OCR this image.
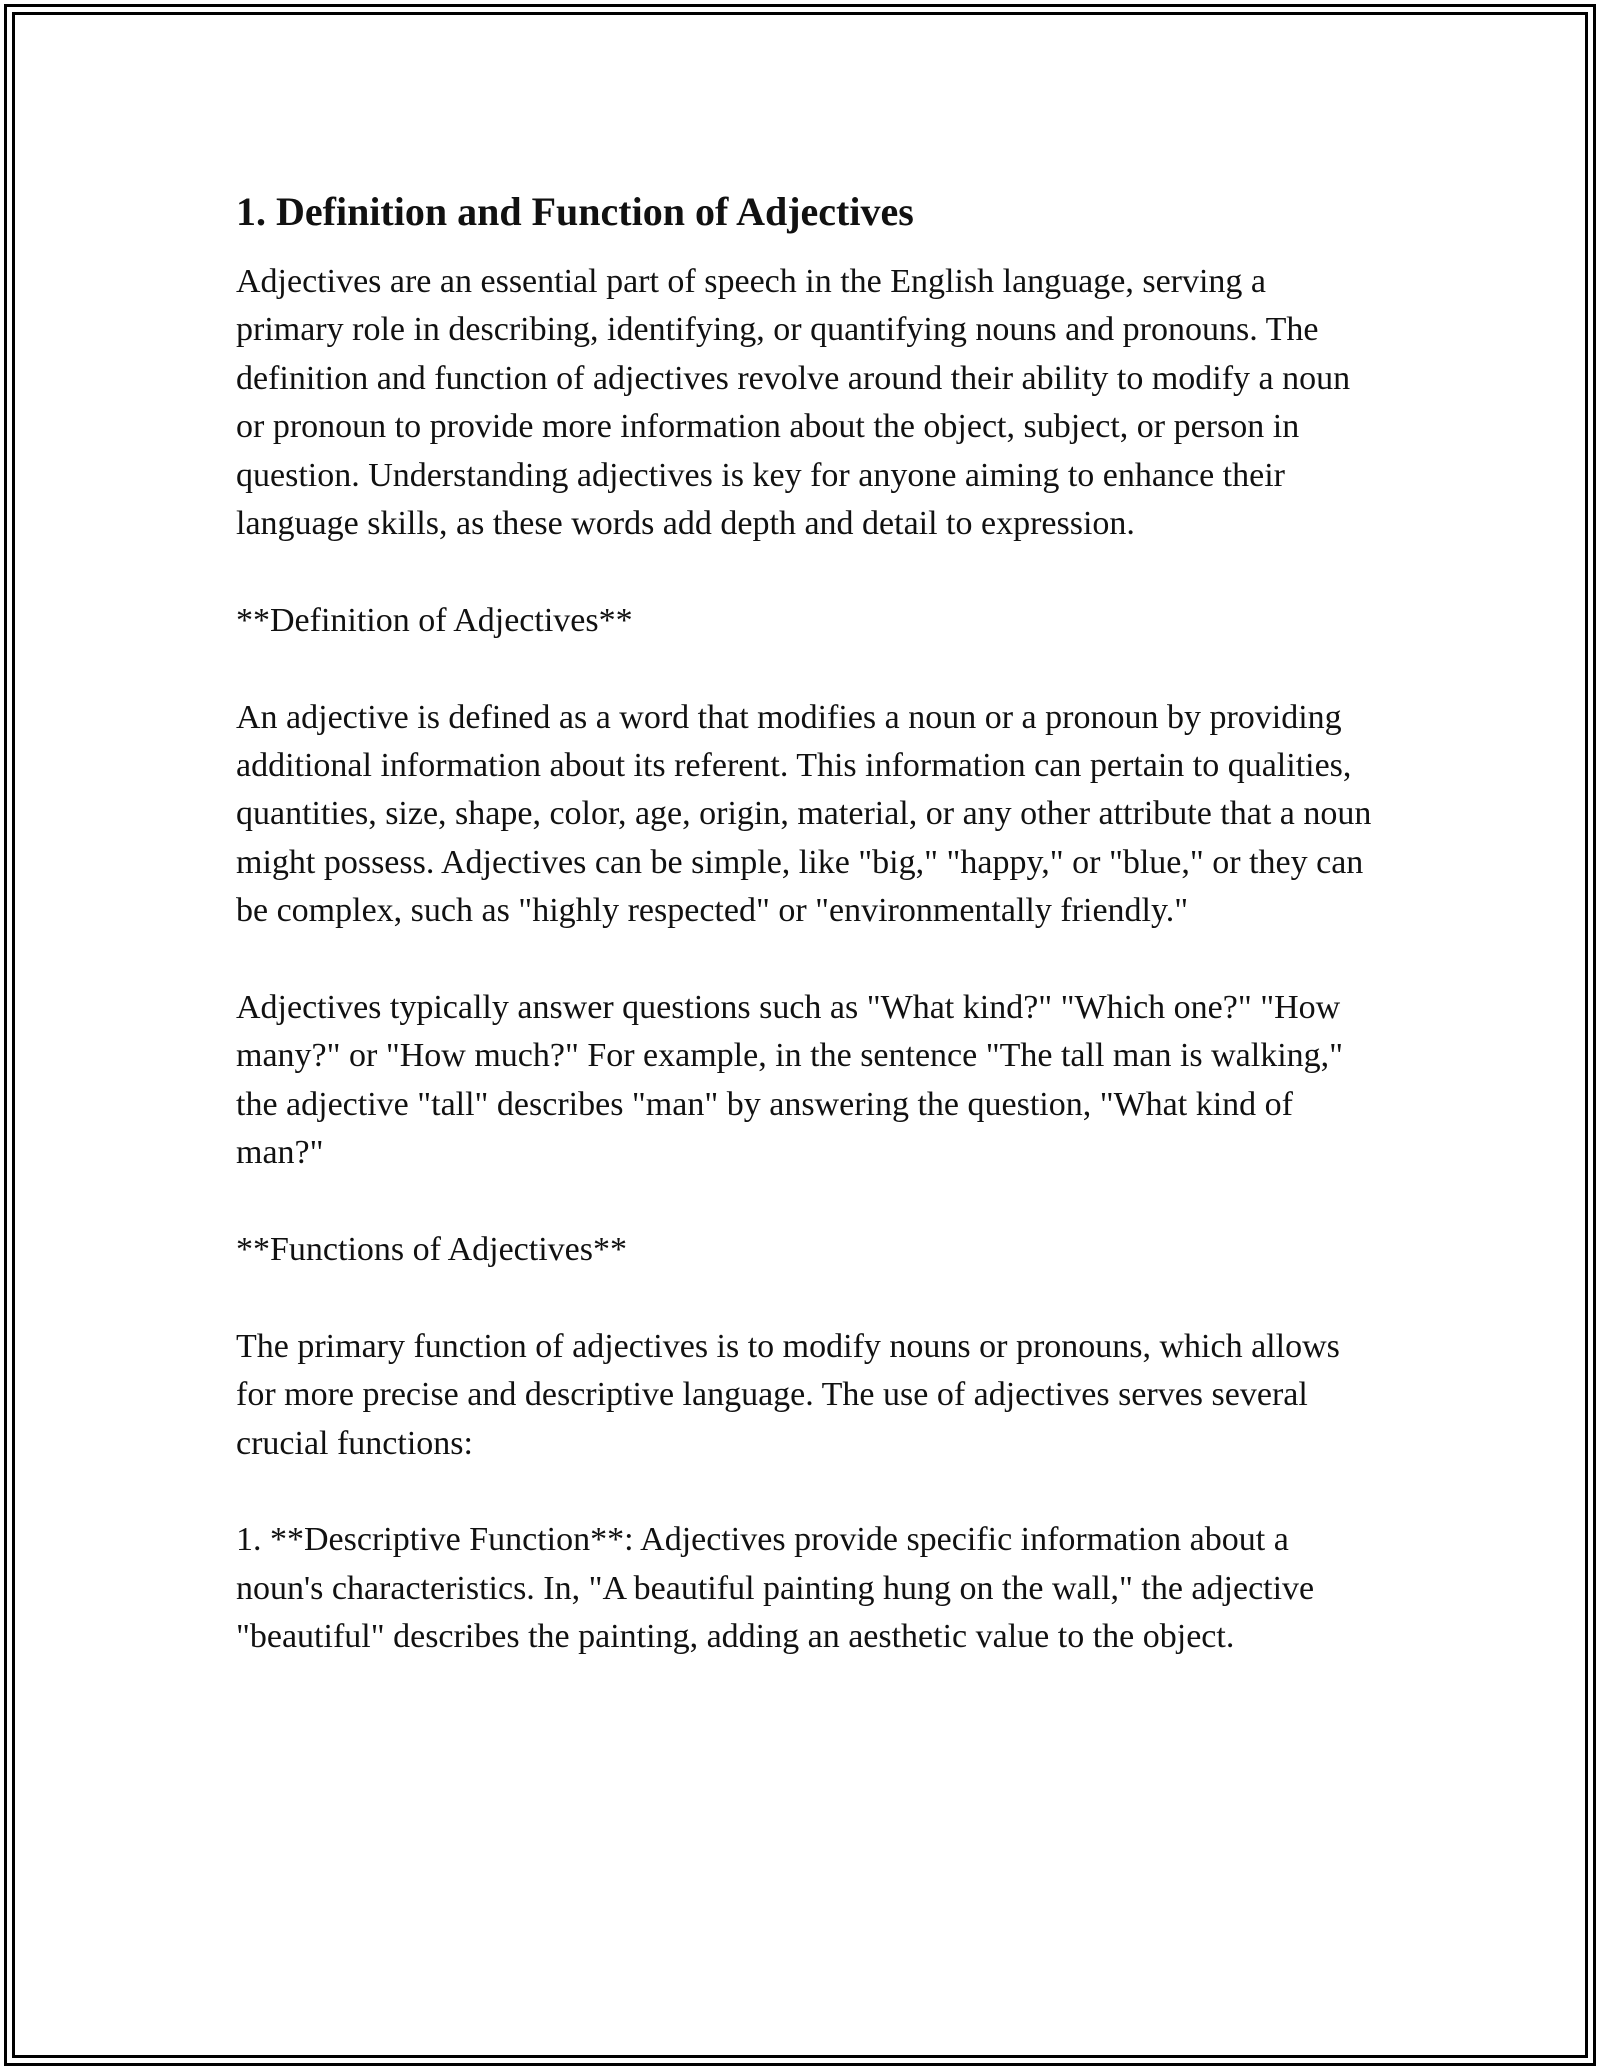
1. Definition and Function of Adjectives

Adjectives are an essential part of speech in the English language, serving a primary role in describing, identifying, or quantifying nouns and pronouns. The definition and function of adjectives revolve around their ability to modify a noun or pronoun to provide more information about the object, subject, or person in question. Understanding adjectives is key for anyone aiming to enhance their language skills, as these words add depth and detail to expression.

**Definition of Adjectives**

An adjective is defined as a word that modifies a noun or a pronoun by providing additional information about its referent. This information can pertain to qualities, quantities, size, shape, color, age, origin, material, or any other attribute that a noun might possess. Adjectives can be simple, like "big," "happy," or "blue," or they can be complex, such as "highly respected" or "environmentally friendly."

Adjectives typically answer questions such as "What kind?" "Which one?" "How many?" or "How much?" For example, in the sentence "The tall man is walking," the adjective "tall" describes "man" by answering the question, "What kind of man?"

**Functions of Adjectives**

The primary function of adjectives is to modify nouns or pronouns, which allows for more precise and descriptive language. The use of adjectives serves several crucial functions:

1. **Descriptive Function**: Adjectives provide specific information about a noun's characteristics. In, "A beautiful painting hung on the wall," the adjective "beautiful" describes the painting, adding an aesthetic value to the object.
